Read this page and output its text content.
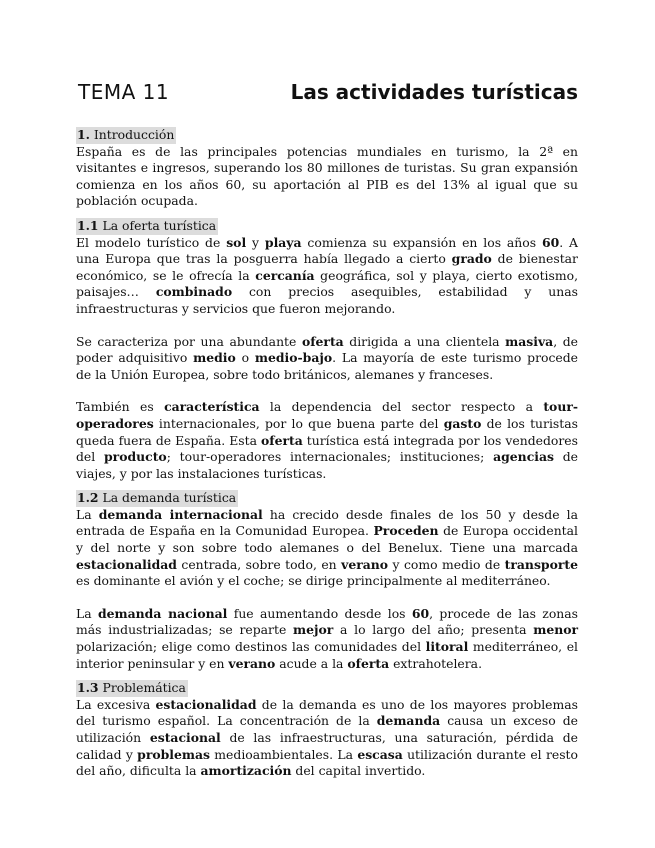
TEMA 11	Las actividades turísticas
1. Introducción

España es de las principales potencias mundiales en turismo, la 2ª en visitantes e ingresos, superando los 80 millones de turistas. Su gran expansión comienza en los años 60, su aportación al PIB es del 13% al igual que su población ocupada.

1.1 La oferta turística

El modelo turístico de sol y playa comienza su expansión en los años 60. A una Europa que tras la posguerra había llegado a cierto grado de bienestar económico, se le ofrecía la cercanía geográfica, sol y playa, cierto exotismo, paisajes… combinado con precios asequibles, estabilidad y unas infraestructuras y servicios que fueron mejorando.

Se caracteriza por una abundante oferta dirigida a una clientela masiva, de poder adquisitivo medio o medio-bajo. La mayoría de este turismo procede de la Unión Europea, sobre todo británicos, alemanes y franceses.

También es característica la dependencia del sector respecto a tour-operadores internacionales, por lo que buena parte del gasto de los turistas queda fuera de España. Esta oferta turística está integrada por los vendedores del producto; tour-operadores internacionales; instituciones; agencias de viajes, y por las instalaciones turísticas.

1.2 La demanda turística

La demanda internacional ha crecido desde finales de los 50 y desde la entrada de España en la Comunidad Europea. Proceden de Europa occidental y del norte y son sobre todo alemanes o del Benelux. Tiene una marcada estacionalidad centrada, sobre todo, en verano y como medio de transporte es dominante el avión y el coche; se dirige principalmente al mediterráneo.

La demanda nacional fue aumentando desde los 60, procede de las zonas más industrializadas; se reparte mejor a lo largo del año; presenta menor polarización; elige como destinos las comunidades del litoral mediterráneo, el interior peninsular y en verano acude a la oferta extrahotelera.

1.3 Problemática

La excesiva estacionalidad de la demanda es uno de los mayores problemas del turismo español. La concentración de la demanda causa un exceso de utilización estacional de las infraestructuras, una saturación, pérdida de calidad y problemas medioambientales. La escasa utilización durante el resto del año, dificulta la amortización del capital invertido.
